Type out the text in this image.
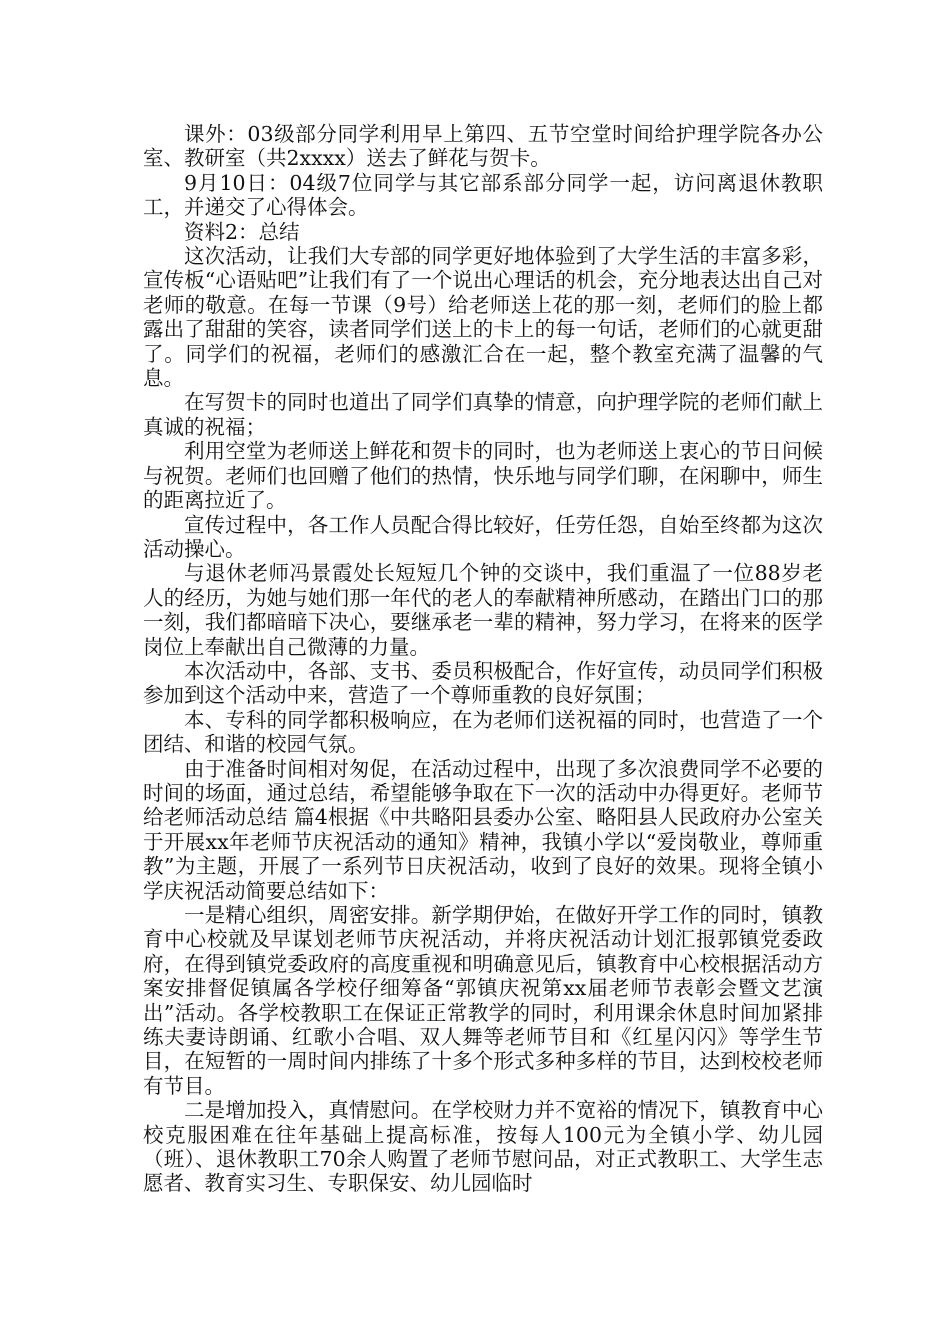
课外：03级部分同学利用早上第四、五节空堂时间给护理学院各办公室、教研室（共2xxxx）送去了鲜花与贺卡。

9月10日：04级7位同学与其它部系部分同学一起，访问离退休教职工，并递交了心得体会。

资料2：总结

这次活动，让我们大专部的同学更好地体验到了大学生活的丰富多彩，宣传板“心语贴吧”让我们有了一个说出心理话的机会，充分地表达出自己对老师的敬意。在每一节课（9号）给老师送上花的那一刻，老师们的脸上都露出了甜甜的笑容，读者同学们送上的卡上的每一句话，老师们的心就更甜了。同学们的祝福，老师们的感激汇合在一起，整个教室充满了温馨的气息。

在写贺卡的同时也道出了同学们真挚的情意，向护理学院的老师们献上真诚的祝福；

利用空堂为老师送上鲜花和贺卡的同时，也为老师送上衷心的节日问候与祝贺。老师们也回赠了他们的热情，快乐地与同学们聊，在闲聊中，师生的距离拉近了。

宣传过程中，各工作人员配合得比较好，任劳任怨，自始至终都为这次活动操心。

与退休老师冯景霞处长短短几个钟的交谈中，我们重温了一位88岁老人的经历，为她与她们那一年代的老人的奉献精神所感动，在踏出门口的那一刻，我们都暗暗下决心，要继承老一辈的精神，努力学习，在将来的医学岗位上奉献出自己微薄的力量。

本次活动中，各部、支书、委员积极配合，作好宣传，动员同学们积极参加到这个活动中来，营造了一个尊师重教的良好氛围；

本、专科的同学都积极响应，在为老师们送祝福的同时，也营造了一个团结、和谐的校园气氛。

由于准备时间相对匆促，在活动过程中，出现了多次浪费同学不必要的时间的场面，通过总结，希望能够争取在下一次的活动中办得更好。老师节给老师活动总结 篇4根据《中共略阳县委办公室、略阳县人民政府办公室关于开展xx年老师节庆祝活动的通知》精神，我镇小学以“爱岗敬业，尊师重教”为主题，开展了一系列节日庆祝活动，收到了良好的效果。现将全镇小学庆祝活动简要总结如下：

一是精心组织，周密安排。新学期伊始，在做好开学工作的同时，镇教育中心校就及早谋划老师节庆祝活动，并将庆祝活动计划汇报郭镇党委政府，在得到镇党委政府的高度重视和明确意见后，镇教育中心校根据活动方案安排督促镇属各学校仔细筹备“郭镇庆祝第xx届老师节表彰会暨文艺演出”活动。各学校教职工在保证正常教学的同时，利用课余休息时间加紧排练夫妻诗朗诵、红歌小合唱、双人舞等老师节目和《红星闪闪》等学生节目，在短暂的一周时间内排练了十多个形式多种多样的节目，达到校校老师有节目。

二是增加投入，真情慰问。在学校财力并不宽裕的情况下，镇教育中心校克服困难在往年基础上提高标准，按每人100元为全镇小学、幼儿园（班）、退休教职工70余人购置了老师节慰问品，对正式教职工、大学生志愿者、教育实习生、专职保安、幼儿园临时
